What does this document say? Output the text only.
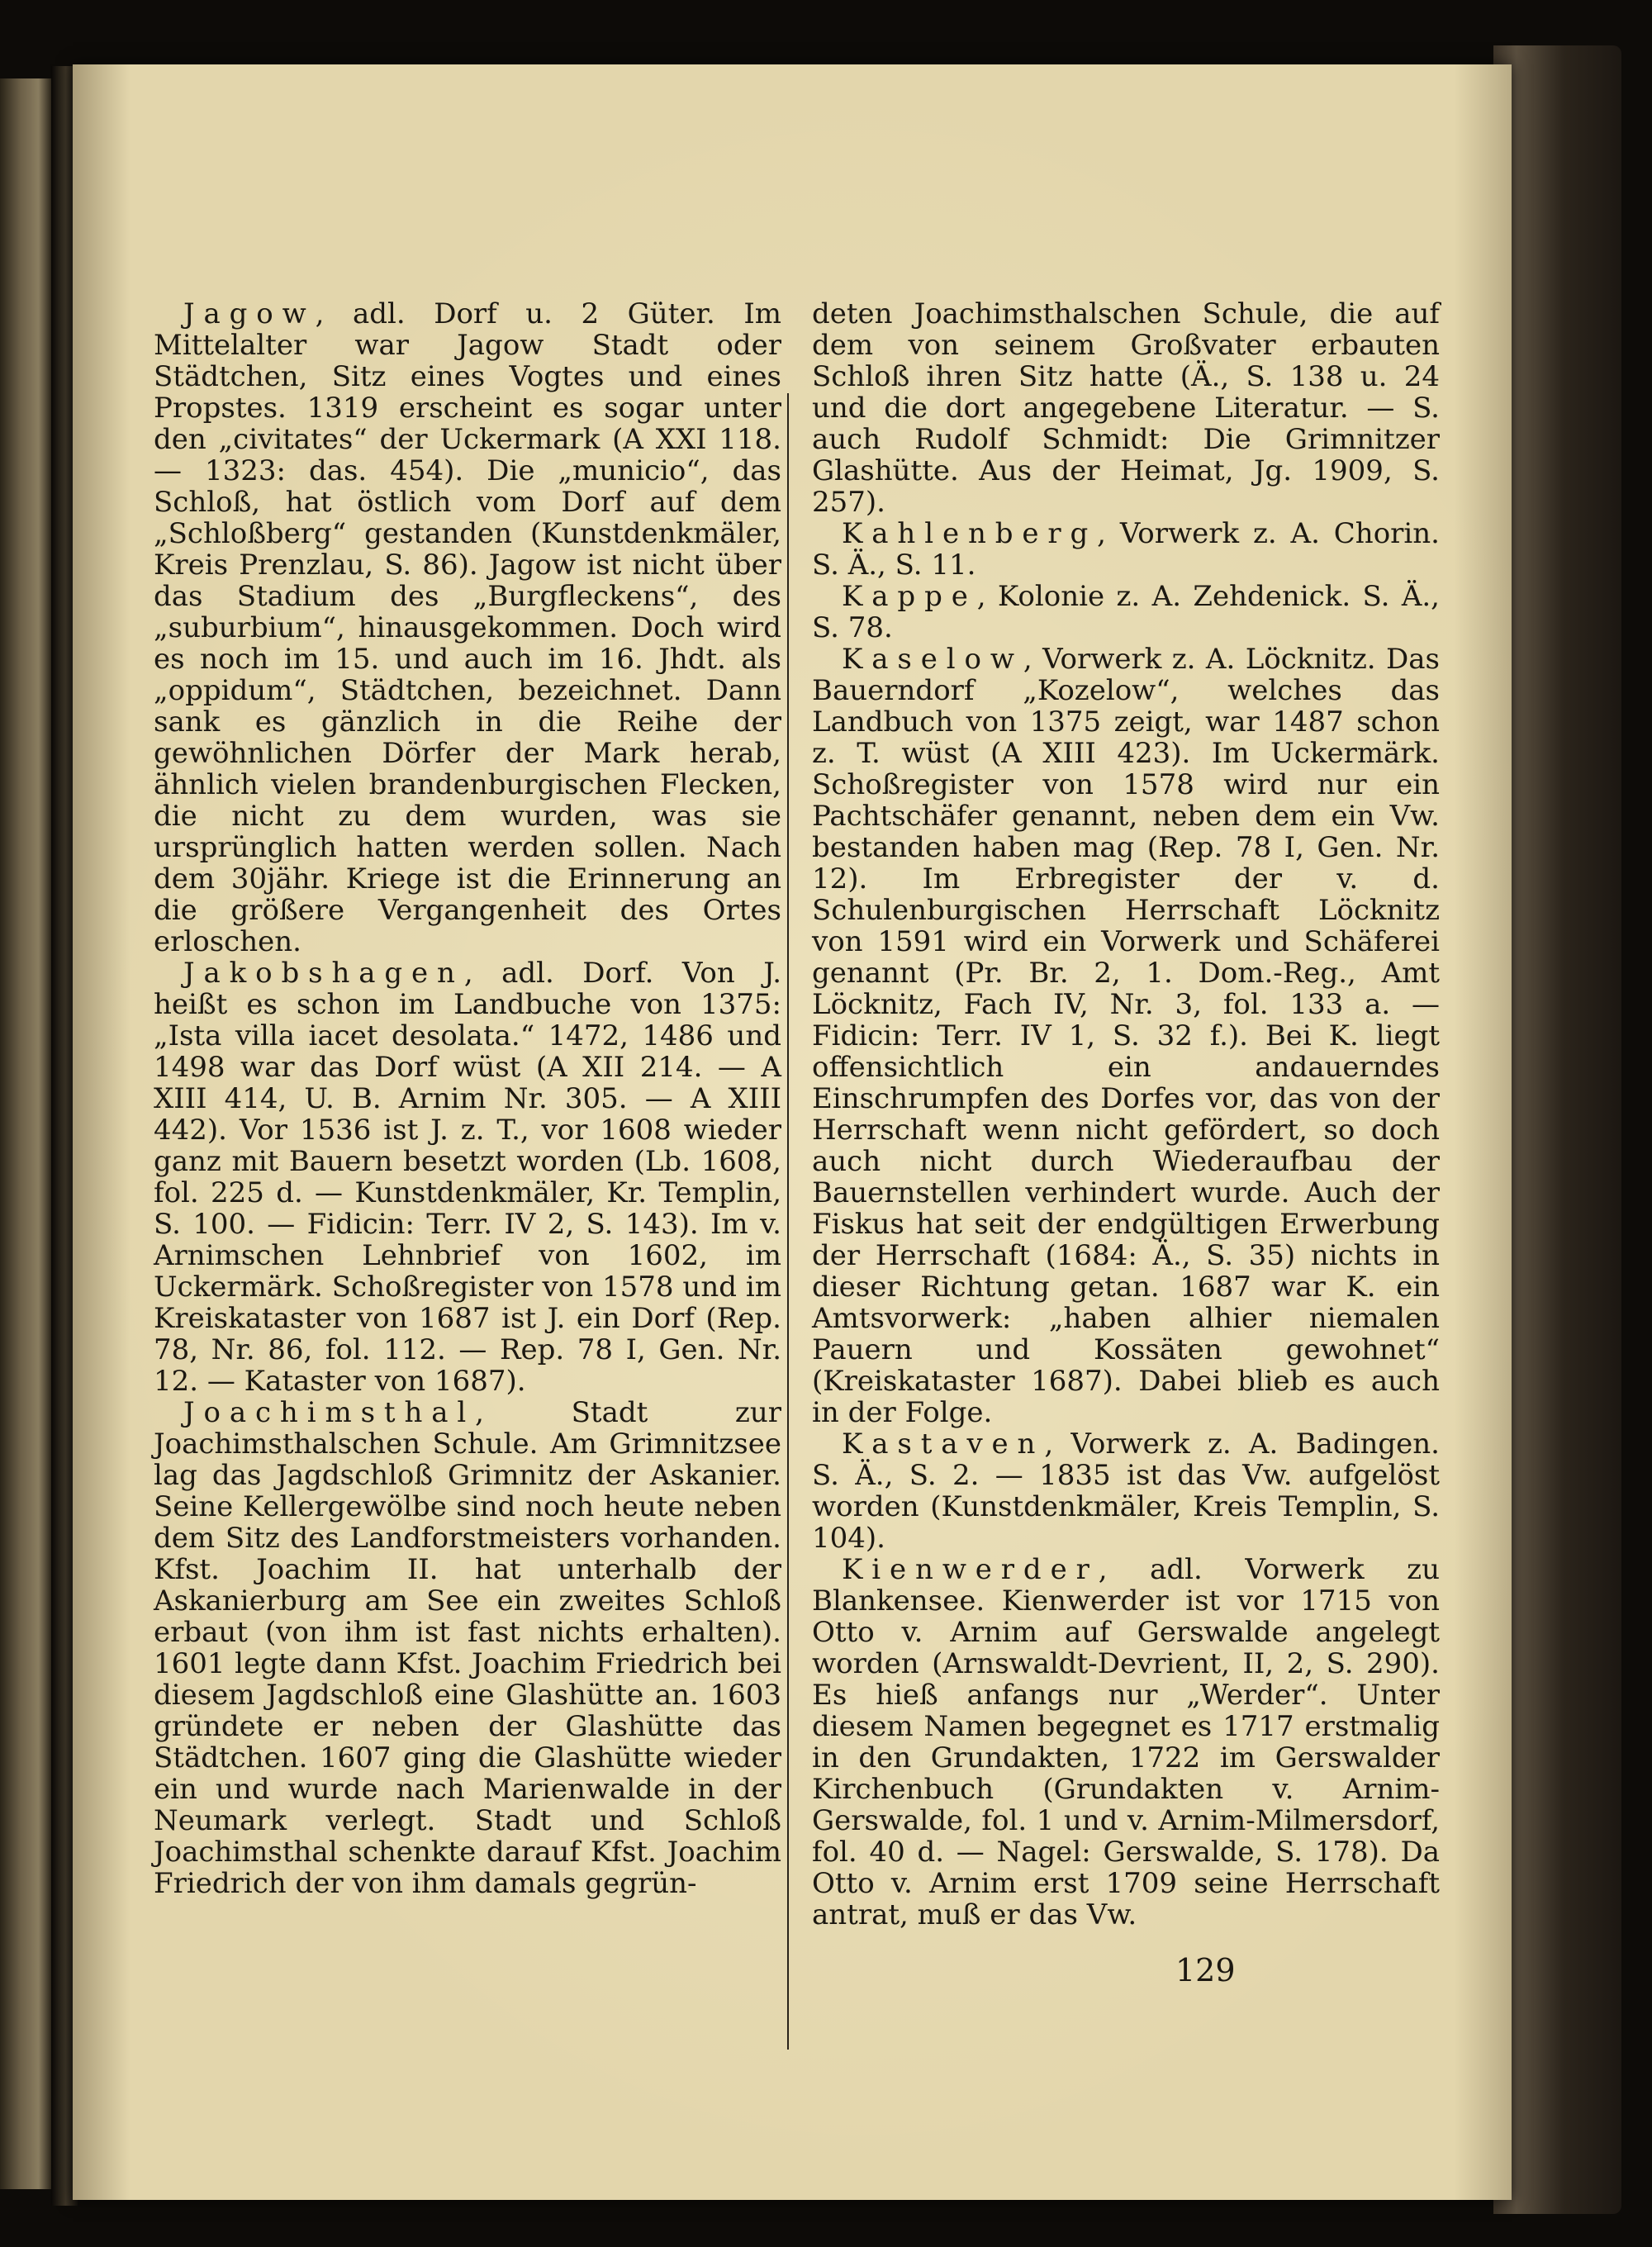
Jagow, adl. Dorf u. 2 Güter. Im Mittelalter war Jagow Stadt oder Städtchen, Sitz eines Vogtes und eines Propstes. 1319 erscheint es sogar unter den „civitates“ der Uckermark (A XXI 118. — 1323: das. 454). Die „municio“, das Schloß, hat östlich vom Dorf auf dem „Schloßberg“ gestanden (Kunstdenkmäler, Kreis Prenzlau, S. 86). Jagow ist nicht über das Stadium des „Burgfleckens“, des „suburbium“, hinausgekommen. Doch wird es noch im 15. und auch im 16. Jhdt. als „oppidum“, Städtchen, bezeichnet. Dann sank es gänzlich in die Reihe der gewöhnlichen Dörfer der Mark herab, ähnlich vielen brandenburgischen Flecken, die nicht zu dem wurden, was sie ursprünglich hatten werden sollen. Nach dem 30jähr. Kriege ist die Erinnerung an die größere Vergangenheit des Ortes erloschen.

Jakobshagen, adl. Dorf. Von J. heißt es schon im Landbuche von 1375: „Ista villa iacet desolata.“ 1472, 1486 und 1498 war das Dorf wüst (A XII 214. — A XIII 414, U. B. Arnim Nr. 305. — A XIII 442). Vor 1536 ist J. z. T., vor 1608 wieder ganz mit Bauern besetzt worden (Lb. 1608, fol. 225 d. — Kunstdenkmäler, Kr. Templin, S. 100. — Fidicin: Terr. IV 2, S. 143). Im v. Arnimschen Lehnbrief von 1602, im Uckermärk. Schoßregister von 1578 und im Kreiskataster von 1687 ist J. ein Dorf (Rep. 78, Nr. 86, fol. 112. — Rep. 78 I, Gen. Nr. 12. — Kataster von 1687).

Joachimsthal, Stadt zur Joachimsthalschen Schule. Am Grimnitzsee lag das Jagdschloß Grimnitz der Askanier. Seine Kellergewölbe sind noch heute neben dem Sitz des Landforstmeisters vorhanden. Kfst. Joachim II. hat unterhalb der Askanierburg am See ein zweites Schloß erbaut (von ihm ist fast nichts erhalten). 1601 legte dann Kfst. Joachim Friedrich bei diesem Jagdschloß eine Glashütte an. 1603 gründete er neben der Glashütte das Städtchen. 1607 ging die Glashütte wieder ein und wurde nach Marienwalde in der Neumark verlegt. Stadt und Schloß Joachimsthal schenkte darauf Kfst. Joachim Friedrich der von ihm damals gegrün-

deten Joachimsthalschen Schule, die auf dem von seinem Großvater erbauten Schloß ihren Sitz hatte (Ä., S. 138 u. 24 und die dort angegebene Literatur. — S. auch Rudolf Schmidt: Die Grimnitzer Glashütte. Aus der Heimat, Jg. 1909, S. 257).

Kahlenberg, Vorwerk z. A. Chorin. S. Ä., S. 11.

Kappe, Kolonie z. A. Zehdenick. S. Ä., S. 78.

Kaselow, Vorwerk z. A. Löcknitz. Das Bauerndorf „Kozelow“, welches das Landbuch von 1375 zeigt, war 1487 schon z. T. wüst (A XIII 423). Im Uckermärk. Schoßregister von 1578 wird nur ein Pachtschäfer genannt, neben dem ein Vw. bestanden haben mag (Rep. 78 I, Gen. Nr. 12). Im Erbregister der v. d. Schulenburgischen Herrschaft Löcknitz von 1591 wird ein Vorwerk und Schäferei genannt (Pr. Br. 2, 1. Dom.-Reg., Amt Löcknitz, Fach IV, Nr. 3, fol. 133 a. — Fidicin: Terr. IV 1, S. 32 f.). Bei K. liegt offensichtlich ein andauerndes Einschrumpfen des Dorfes vor, das von der Herrschaft wenn nicht gefördert, so doch auch nicht durch Wiederaufbau der Bauernstellen verhindert wurde. Auch der Fiskus hat seit der endgültigen Erwerbung der Herrschaft (1684: Ä., S. 35) nichts in dieser Richtung getan. 1687 war K. ein Amtsvorwerk: „haben alhier niemalen Pauern und Kossäten gewohnet“ (Kreiskataster 1687). Dabei blieb es auch in der Folge.

Kastaven, Vorwerk z. A. Badingen. S. Ä., S. 2. — 1835 ist das Vw. aufgelöst worden (Kunstdenkmäler, Kreis Templin, S. 104).

Kienwerder, adl. Vorwerk zu Blankensee. Kienwerder ist vor 1715 von Otto v. Arnim auf Gerswalde angelegt worden (Arnswaldt-Devrient, II, 2, S. 290). Es hieß anfangs nur „Werder“. Unter diesem Namen begegnet es 1717 erstmalig in den Grundakten, 1722 im Gerswalder Kirchenbuch (Grundakten v. Arnim-Gerswalde, fol. 1 und v. Arnim-Milmersdorf, fol. 40 d. — Nagel: Gerswalde, S. 178). Da Otto v. Arnim erst 1709 seine Herrschaft antrat, muß er das Vw.

129
